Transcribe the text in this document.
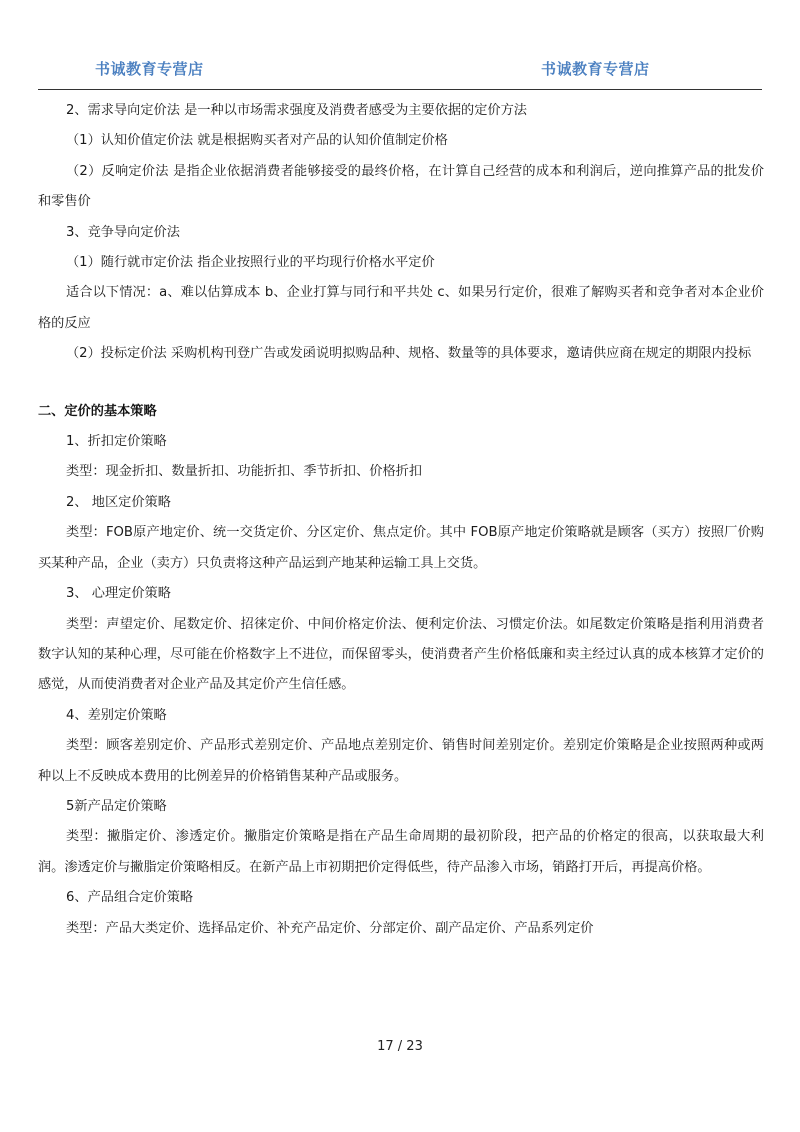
书诚教育专营店	书诚教育专营店

2、需求导向定价法 是一种以市场需求强度及消费者感受为主要依据的定价方法

（1）认知价值定价法 就是根据购买者对产品的认知价值制定价格

（2）反响定价法 是指企业依据消费者能够接受的最终价格，在计算自己经营的成本和利润后，逆向推算产品的批发价和零售价

3、竞争导向定价法

（1）随行就市定价法 指企业按照行业的平均现行价格水平定价

适合以下情况：a、难以估算成本 b、企业打算与同行和平共处 c、如果另行定价，很难了解购买者和竞争者对本企业价格的反应

（2）投标定价法 采购机构刊登广告或发函说明拟购品种、规格、数量等的具体要求，邀请供应商在规定的期限内投标

二、定价的基本策略

1、折扣定价策略

类型：现金折扣、数量折扣、功能折扣、季节折扣、价格折扣

2、 地区定价策略

类型：FOB原产地定价、统一交货定价、分区定价、焦点定价。其中 FOB原产地定价策略就是顾客（买方）按照厂价购买某种产品，企业（卖方）只负责将这种产品运到产地某种运输工具上交货。

3、 心理定价策略

类型：声望定价、尾数定价、招徕定价、中间价格定价法、便利定价法、习惯定价法。如尾数定价策略是指利用消费者数字认知的某种心理，尽可能在价格数字上不进位，而保留零头，使消费者产生价格低廉和卖主经过认真的成本核算才定价的感觉，从而使消费者对企业产品及其定价产生信任感。

4、差别定价策略

类型：顾客差别定价、产品形式差别定价、产品地点差别定价、销售时间差别定价。差别定价策略是企业按照两种或两种以上不反映成本费用的比例差异的价格销售某种产品或服务。

5新产品定价策略

类型：撇脂定价、渗透定价。撇脂定价策略是指在产品生命周期的最初阶段，把产品的价格定的很高，以获取最大利润。渗透定价与撇脂定价策略相反。在新产品上市初期把价定得低些，待产品渗入市场，销路打开后，再提高价格。

6、产品组合定价策略

类型：产品大类定价、选择品定价、补充产品定价、分部定价、副产品定价、产品系列定价

17 / 23
